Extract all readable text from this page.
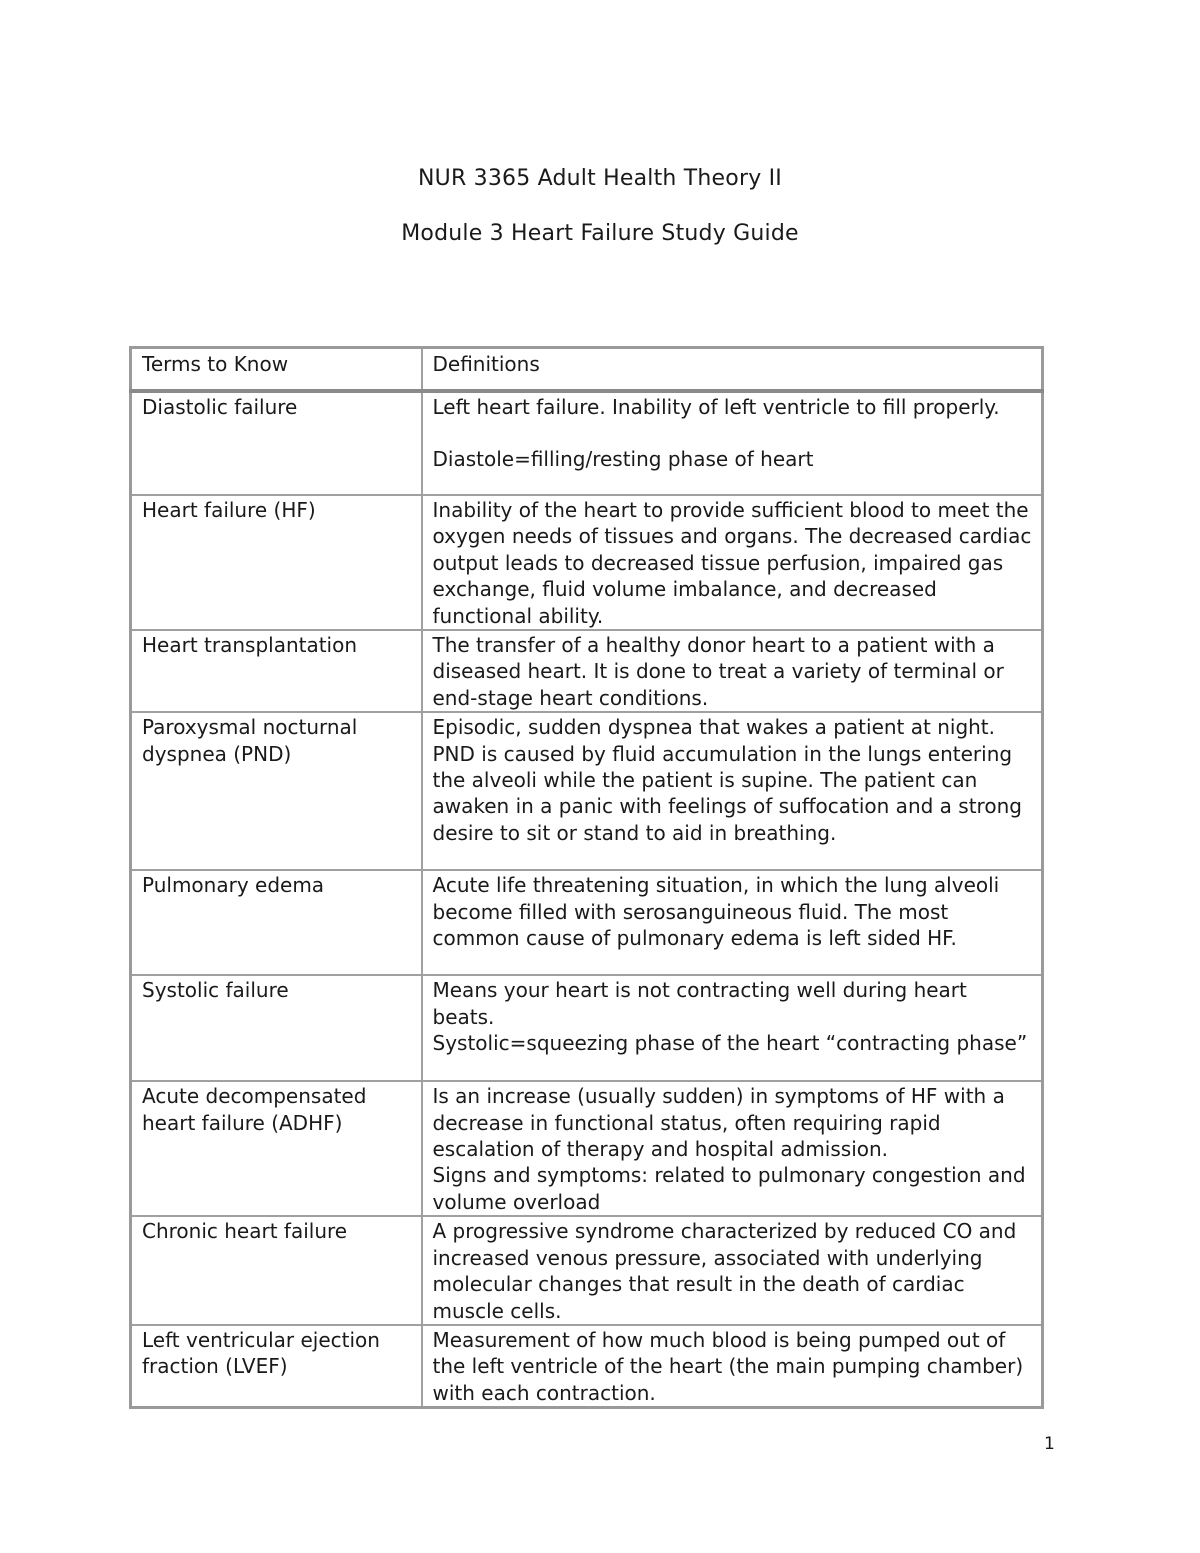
NUR 3365 Adult Health Theory II
Module 3 Heart Failure Study Guide
Terms to Know	Definitions
Diastolic failure	Left heart failure. Inability of left ventricle to fill properly.
Diastole=filling/resting phase of heart

Heart failure (HF)	Inability of the heart to provide sufficient blood to meet the oxygen needs of tissues and organs. The decreased cardiac output leads to decreased tissue perfusion, impaired gas exchange, fluid volume imbalance, and decreased functional ability.
Heart transplantation	The transfer of a healthy donor heart to a patient with a diseased heart. It is done to treat a variety of terminal or end-stage heart conditions.
Paroxysmal nocturnal dyspnea (PND)	Episodic, sudden dyspnea that wakes a patient at night. PND is caused by fluid accumulation in the lungs entering the alveoli while the patient is supine. The patient can awaken in a panic with feelings of suffocation and a strong desire to sit or stand to aid in breathing.
Pulmonary edema	Acute life threatening situation, in which the lung alveoli become filled with serosanguineous fluid. The most common cause of pulmonary edema is left sided HF.
Systolic failure	Means your heart is not contracting well during heart beats.
Systolic=squeezing phase of the heart “contracting phase”

Acute decompensated heart failure (ADHF)	Is an increase (usually sudden) in symptoms of HF with a decrease in functional status, often requiring rapid escalation of therapy and hospital admission.
Signs and symptoms: related to pulmonary congestion and volume overload

Chronic heart failure	A progressive syndrome characterized by reduced CO and increased venous pressure, associated with underlying molecular changes that result in the death of cardiac muscle cells.
Left ventricular ejection fraction (LVEF)	Measurement of how much blood is being pumped out of the left ventricle of the heart (the main pumping chamber) with each contraction.
1
